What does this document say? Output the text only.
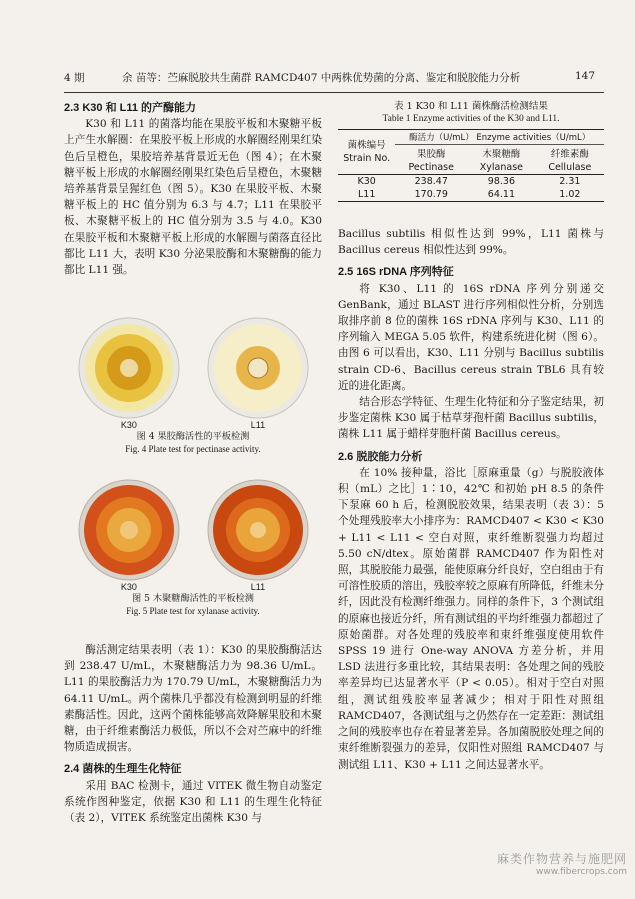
4 期	余 苗等：苎麻脱胶共生菌群 RAMCD407 中两株优势菌的分离、鉴定和脱胶能力分析	147
2.3 K30 和 L11 的产酶能力

K30 和 L11 的菌落均能在果胶平板和木聚糖平板上产生水解圈：在果胶平板上形成的水解圈经刚果红染色后呈橙色，果胶培养基背景近无色（图 4）；在木聚糖平板上形成的水解圈经刚果红染色后呈橙色，木聚糖培养基背景呈猩红色（图 5）。K30 在果胶平板、木聚糖平板上的 HC 值分别为 6.3 与 4.7；L11 在果胶平板、木聚糖平板上的 HC 值分别为 3.5 与 4.0。K30 在果胶平板和木聚糖平板上形成的水解圈与菌落直径比都比 L11 大，表明 K30 分泌果胶酶和木聚糖酶的能力都比 L11 强。

K30	L11
图 4 果胶酶活性的平板检测
Fig. 4 Plate test for pectinase activity.
K30	L11
图 5 木聚糖酶活性的平板检测
Fig. 5 Plate test for xylanase activity.

酶活测定结果表明（表 1）：K30 的果胶酶酶活达到 238.47 U/mL，木聚糖酶活力为 98.36 U/mL。L11 的果胶酶活力为 170.79 U/mL，木聚糖酶活力为 64.11 U/mL。两个菌株几乎都没有检测到明显的纤维素酶活性。因此，这两个菌株能够高效降解果胶和木聚糖，由于纤维素酶活力极低，所以不会对苎麻中的纤维物质造成损害。

2.4 菌株的生理生化特征

采用 BAC 检测卡，通过 VITEK 微生物自动鉴定系统作图种鉴定，依据 K30 和 L11 的生理生化特征（表 2），VITEK 系统鉴定出菌株 K30 与

表 1 K30 和 L11 菌株酶活检测结果
Table 1 Enzyme activities of the K30 and L11.
菌株编号
Strain No.	酶活力（U/mL） Enzyme activities（U/mL）		
	果胶酶	木聚糖酶	纤维素酶
	Pectinase	Xylanase	Cellulase
K30	238.47	98.36	2.31
L11	170.79	64.11	1.02

Bacillus subtilis 相似性达到 99%，L11 菌株与 Bacillus cereus 相似性达到 99%。

2.5 16S rDNA 序列特征

将 K30、L11 的 16S rDNA 序列分别递交 GenBank，通过 BLAST 进行序列相似性分析，分别选取排序前 8 位的菌株 16S rDNA 序列与 K30、L11 的序列输入 MEGA 5.05 软件，构建系统进化树（图 6）。由图 6 可以看出，K30、L11 分别与 Bacillus subtilis strain CD-6、Bacillus cereus strain TBL6 具有较近的进化距离。

结合形态学特征、生理生化特征和分子鉴定结果，初步鉴定菌株 K30 属于枯草芽孢杆菌 Bacillus subtilis，菌株 L11 属于蜡样芽胞杆菌 Bacillus cereus。

2.6 脱胶能力分析

在 10% 接种量，浴比［原麻重量（g）与脱胶液体积（mL）之比］1∶10，42℃ 和初始 pH 8.5 的条件下泵麻 60 h 后，检测脱胶效果，结果表明（表 3）：5 个处理残胶率大小排序为：RAMCD407 < K30 < K30 + L11 < L11 < 空白对照，束纤维断裂强力均超过 5.50 cN/dtex。原始菌群 RAMCD407 作为阳性对照，其脱胶能力最强，能使原麻分纤良好，空白组由于有可溶性胶质的溶出，残胶率较之原麻有所降低，纤维未分纤，因此没有检测纤维强力。同样的条件下，3 个测试组的原麻也接近分纤，所有测试组的平均纤维强力都超过了原始菌群。对各处理的残胶率和束纤维强度使用软件 SPSS 19 进行 One-way ANOVA 方差分析，并用 LSD 法进行多重比较，其结果表明：各处理之间的残胶率差异均已达显著水平（P < 0.05）。相对于空白对照组，测试组残胶率显著减少；相对于阳性对照组 RAMCD407，各测试组与之仍然存在一定差距：测试组之间的残胶率也存在着显著差异。各加菌脱胶处理之间的束纤维断裂强力的差异，仅阳性对照组 RAMCD407 与测试组 L11、K30 + L11 之间达显著水平。

麻类作物营养与施肥网
www.fibercrops.com
